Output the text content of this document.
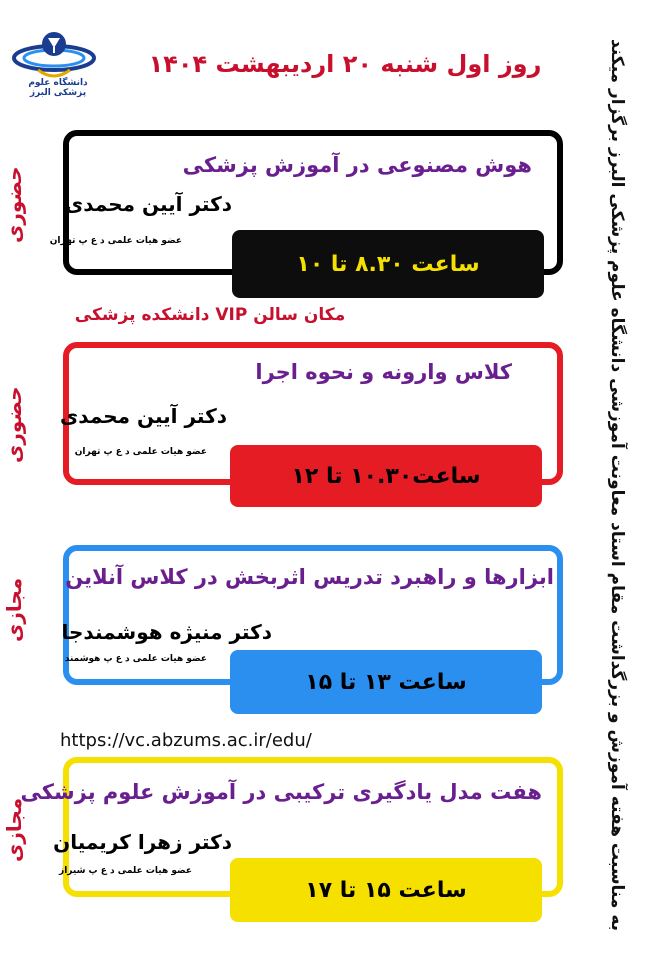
دانشگاه علوم پزشکی البرز
روز اول شنبه ۲۰ اردیبهشت ۱۴۰۴	به مناسبت هفته آموزش و بزرگداشت مقام استاد معاونت آموزشی دانشگاه علوم پزشکی البرز برگزار میکند
حضوری
حضوری
مجازی
مجازی
هوش مصنوعی در آموزش پزشکی
دکتر آیین محمدی
عضو هیات علمی د ع پ تهران
ساعت ۸.۳۰ تا ۱۰
مکان سالن VIP دانشکده پزشکی
کلاس وارونه و نحوه اجرا
دکتر آیین محمدی
عضو هیات علمی د ع پ تهران
ساعت۱۰.۳۰ تا ۱۲
ابزارها و راهبرد تدریس اثربخش در کلاس آنلاین
دکتر منیژه هوشمندجا
عضو هیات علمی د ع پ هوشمند
ساعت ۱۳ تا ۱۵
https://vc.abzums.ac.ir/edu/
هفت مدل یادگیری ترکیبی در آموزش علوم پزشکی
دکتر زهرا کریمیان
عضو هیات علمی د ع پ شیراز
ساعت ۱۵ تا ۱۷
